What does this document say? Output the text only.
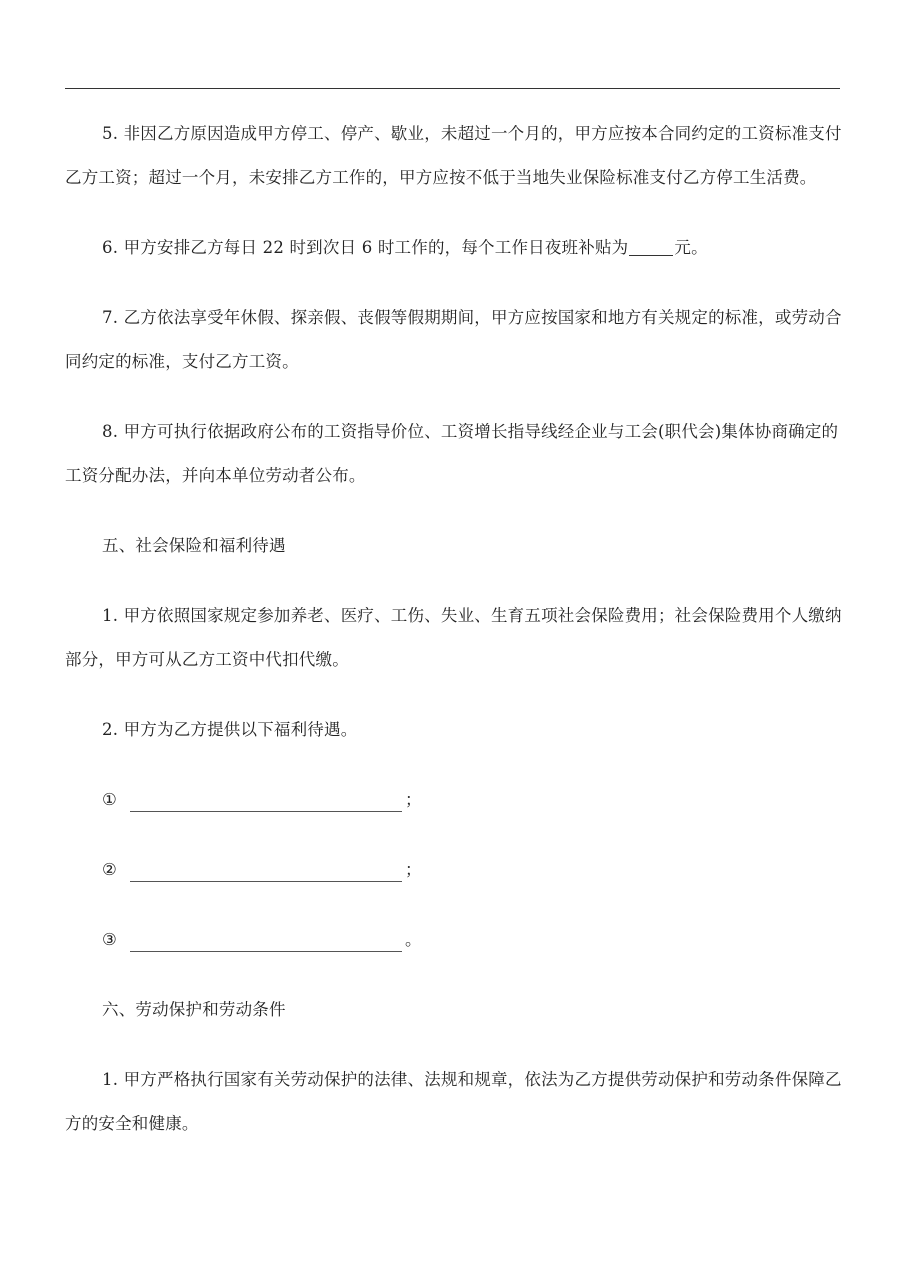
5. 非因乙方原因造成甲方停工、停产、歇业，未超过一个月的，甲方应按本合同约定的工资标准支付乙方工资；超过一个月，未安排乙方工作的，甲方应按不低于当地失业保险标准支付乙方停工生活费。

6. 甲方安排乙方每日 22 时到次日 6 时工作的，每个工作日夜班补贴为	元。

7. 乙方依法享受年休假、探亲假、丧假等假期期间，甲方应按国家和地方有关规定的标准，或劳动合同约定的标准，支付乙方工资。

8. 甲方可执行依据政府公布的工资指导价位、工资增长指导线经企业与工会(职代会)集体协商确定的工资分配办法，并向本单位劳动者公布。

五、社会保险和福利待遇

1. 甲方依照国家规定参加养老、医疗、工伤、失业、生育五项社会保险费用；社会保险费用个人缴纳部分，甲方可从乙方工资中代扣代缴。

2. 甲方为乙方提供以下福利待遇。

①	；
②	；
③	。

六、劳动保护和劳动条件

1. 甲方严格执行国家有关劳动保护的法律、法规和规章，依法为乙方提供劳动保护和劳动条件保障乙方的安全和健康。
